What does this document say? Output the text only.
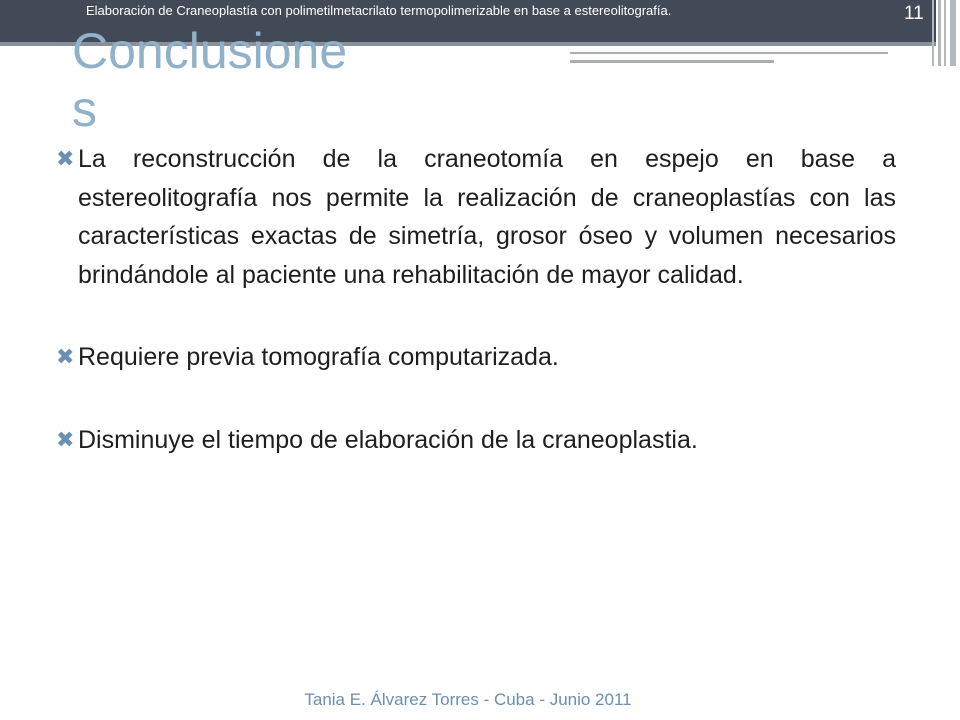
Elaboración de Craneoplastía con polimetilmetacrilato termopolimerizable en base a estereolitografía.	11
Conclusiones
✖ La reconstrucción de la craneotomía en espejo en base a estereolitografía nos permite la realización de craneoplastías con las características exactas de simetría, grosor óseo y volumen necesarios brindándole al paciente una rehabilitación de mayor calidad.
✖ Requiere previa tomografía computarizada.
✖ Disminuye el tiempo de elaboración de la craneoplastia.
Tania E. Álvarez Torres - Cuba - Junio 2011
